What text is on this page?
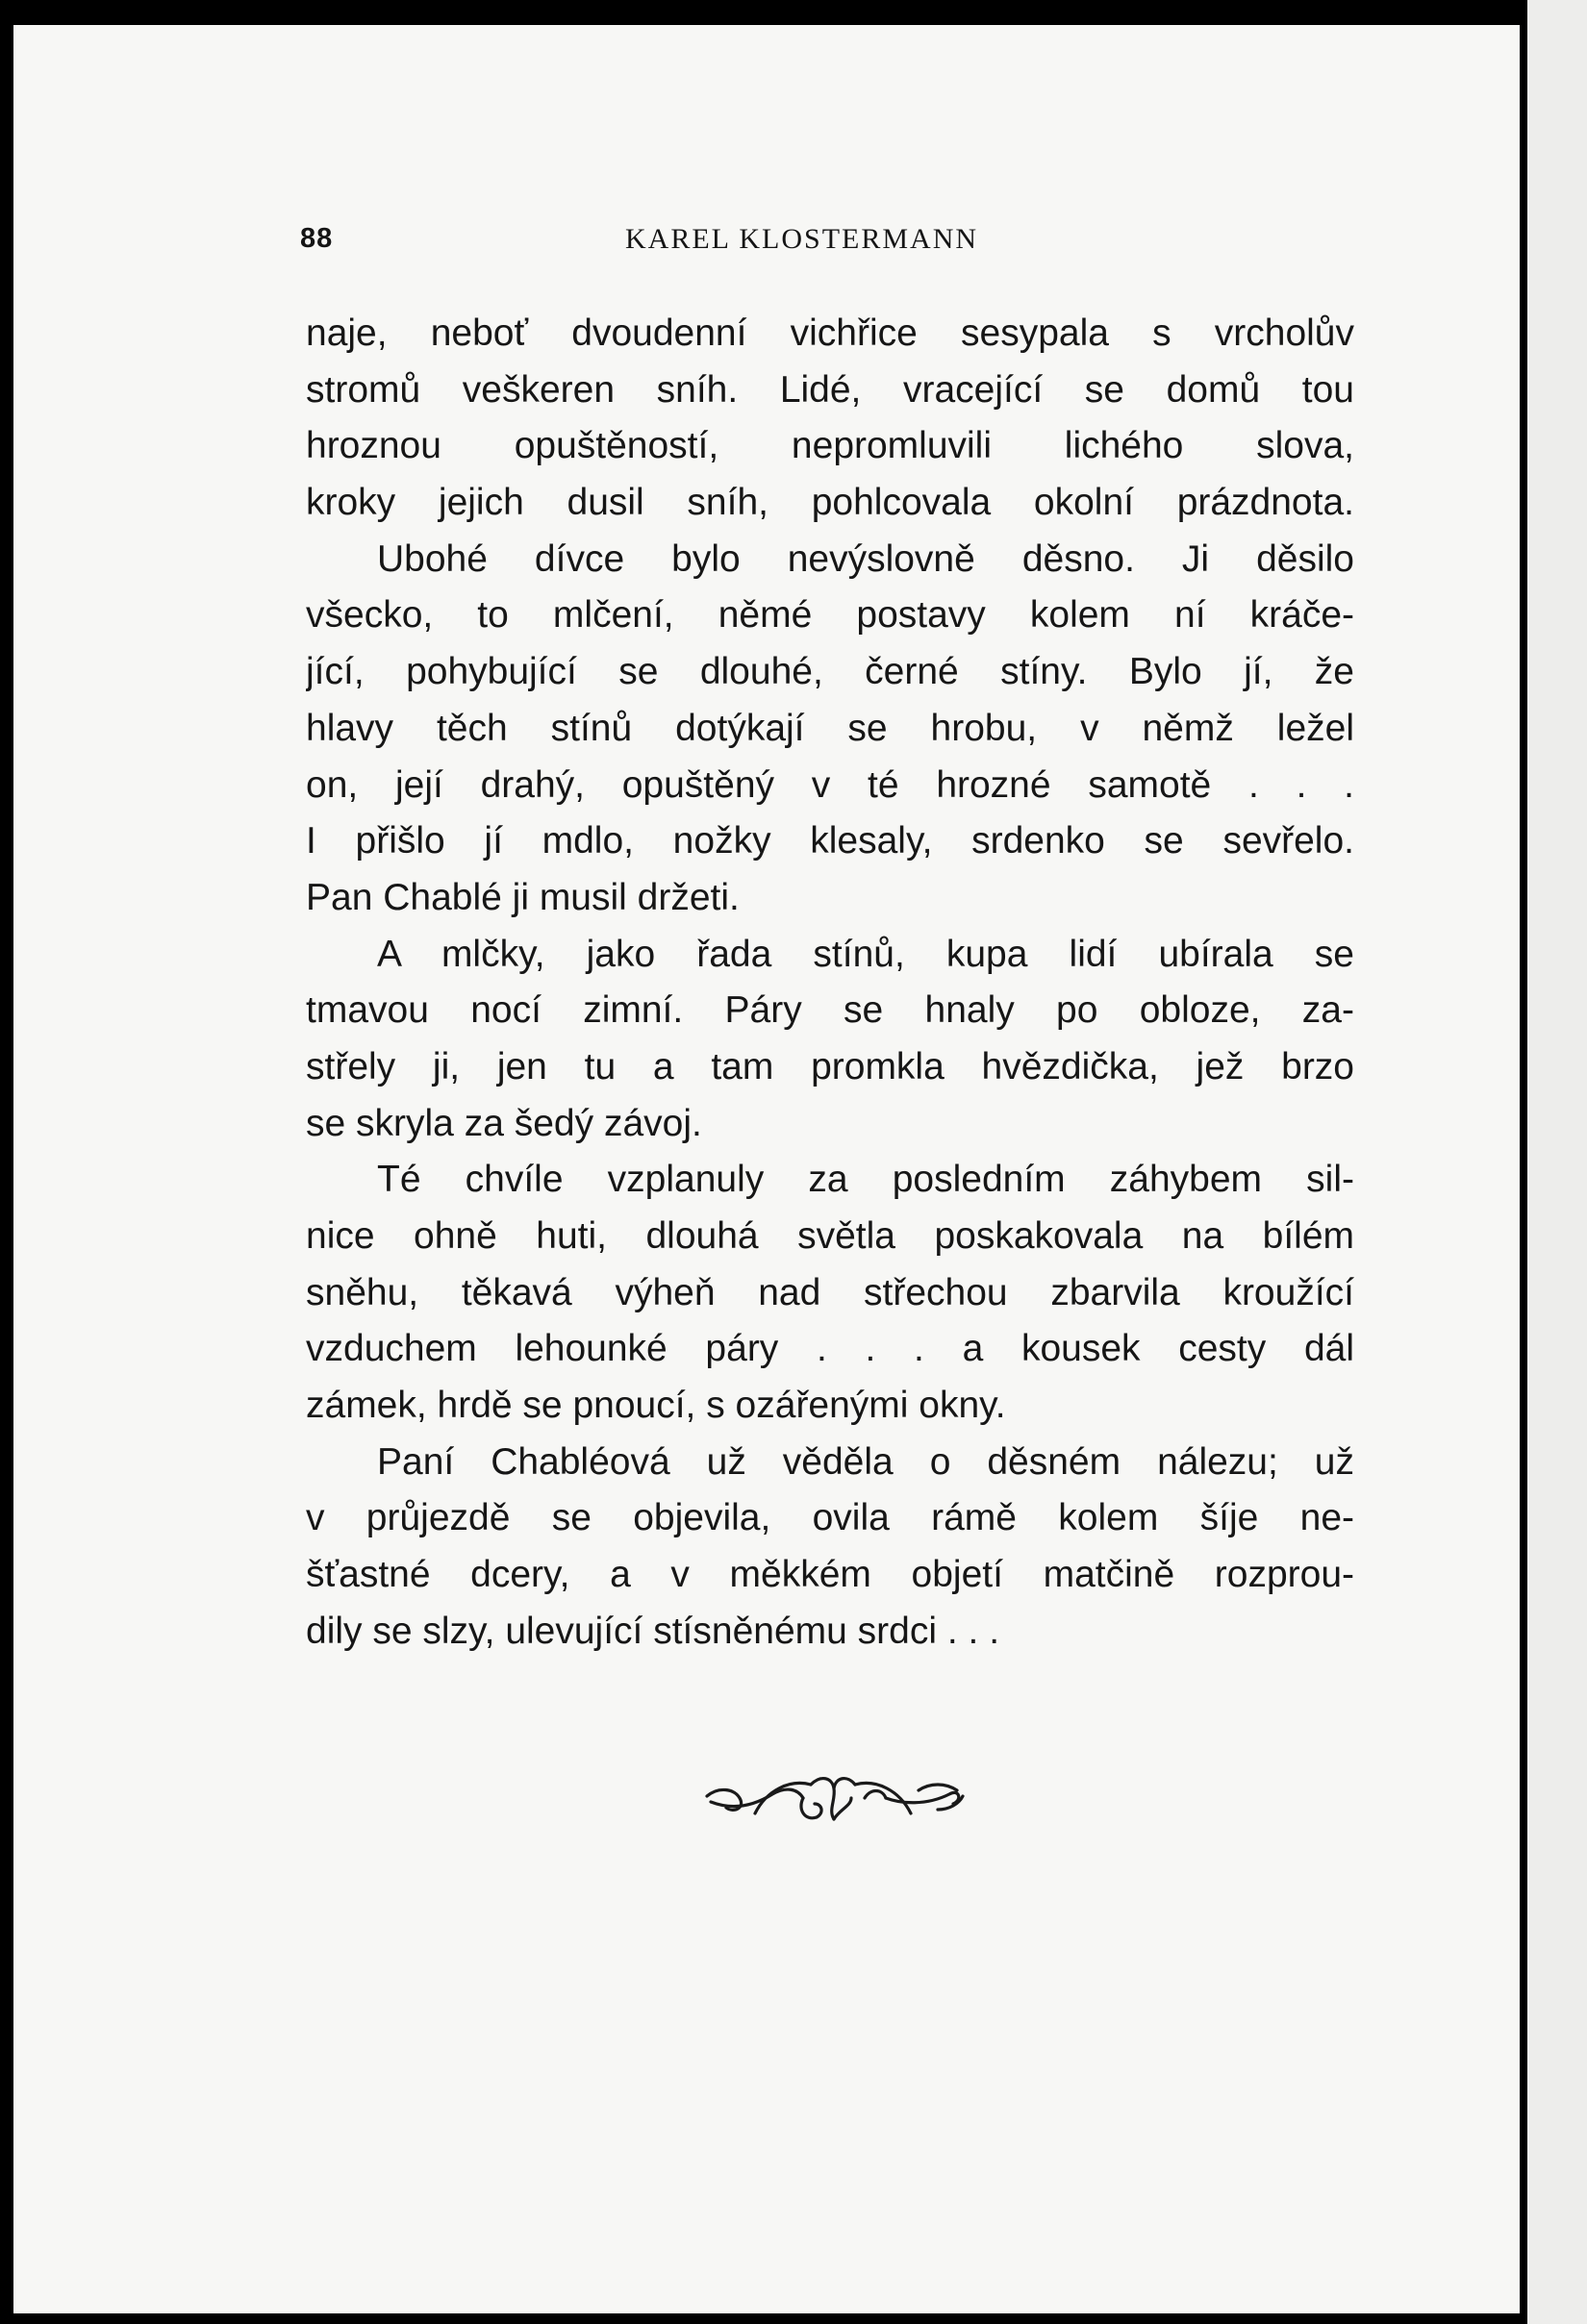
88	KAREL KLOSTERMANN
naje, neboť dvoudenní vichřice sesypala s vrcholův
stromů veškeren sníh. Lidé, vracející se domů tou
hroznou opuštěností, nepromluvili lichého slova,
kroky jejich dusil sníh, pohlcovala okolní prázdnota.
Ubohé dívce bylo nevýslovně děsno. Ji děsilo
všecko, to mlčení, němé postavy kolem ní kráče-
jící, pohybující se dlouhé, černé stíny. Bylo jí, že
hlavy těch stínů dotýkají se hrobu, v němž ležel
on, její drahý, opuštěný v té hrozné samotě . . .
I přišlo jí mdlo, nožky klesaly, srdenko se sevřelo.
Pan Chablé ji musil držeti.
A mlčky, jako řada stínů, kupa lidí ubírala se
tmavou nocí zimní. Páry se hnaly po obloze, za-
střely ji, jen tu a tam promkla hvězdička, jež brzo
se skryla za šedý závoj.
Té chvíle vzplanuly za posledním záhybem sil-
nice ohně huti, dlouhá světla poskakovala na bílém
sněhu, těkavá výheň nad střechou zbarvila kroužící
vzduchem lehounké páry . . . a kousek cesty dál
zámek, hrdě se pnoucí, s ozářenými okny.
Paní Chabléová už věděla o děsném nálezu; už
v průjezdě se objevila, ovila rámě kolem šíje ne-
šťastné dcery, a v měkkém objetí matčině rozprou-
dily se slzy, ulevující stísněnému srdci . . .
